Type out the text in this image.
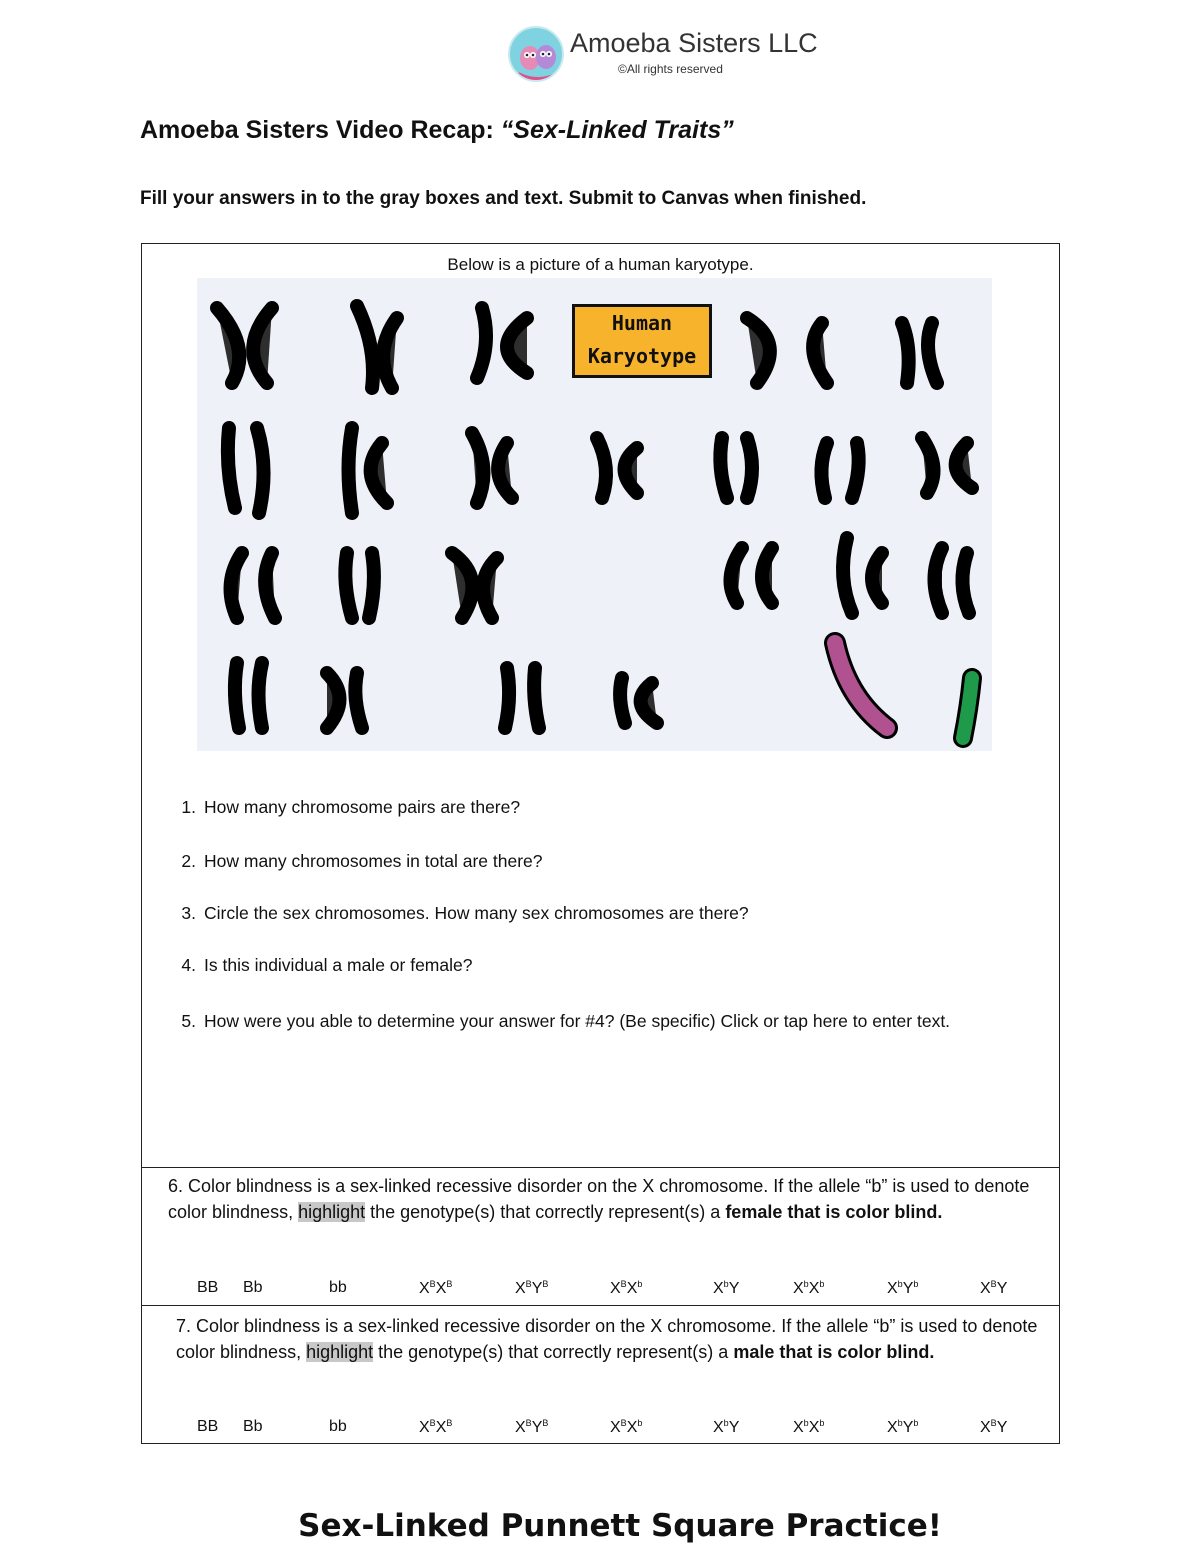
Amoeba Sisters LLC
©All rights reserved
Amoeba Sisters Video Recap: “Sex-Linked Traits”
Fill your answers in to the gray boxes and text. Submit to Canvas when finished.
Below is a picture of a human karyotype.
Human
Karyotype
1. How many chromosome pairs are there?
2. How many chromosomes in total are there?
3. Circle the sex chromosomes. How many sex chromosomes are there?
4. Is this individual a male or female?
5. How were you able to determine your answer for #4? (Be specific) Click or tap here to enter text.
6. Color blindness is a sex-linked recessive disorder on the X chromosome. If the allele “b” is used to denote color blindness, highlight the genotype(s) that correctly represent(s) a female that is color blind.
BB Bb	bb	$X^BX^B$	$X^BY^B$	$X^BX^b$	$X^bY$	$X^bX^b$	$X^bY^b$	$X^BY$
7. Color blindness is a sex-linked recessive disorder on the X chromosome. If the allele “b” is used to denote color blindness, highlight the genotype(s) that correctly represent(s) a male that is color blind.
BB Bb	bb	$X^BX^B$	$X^BY^B$	$X^BX^b$	$X^bY$	$X^bX^b$	$X^bY^b$	$X^BY$
Sex-Linked Punnett Square Practice!
